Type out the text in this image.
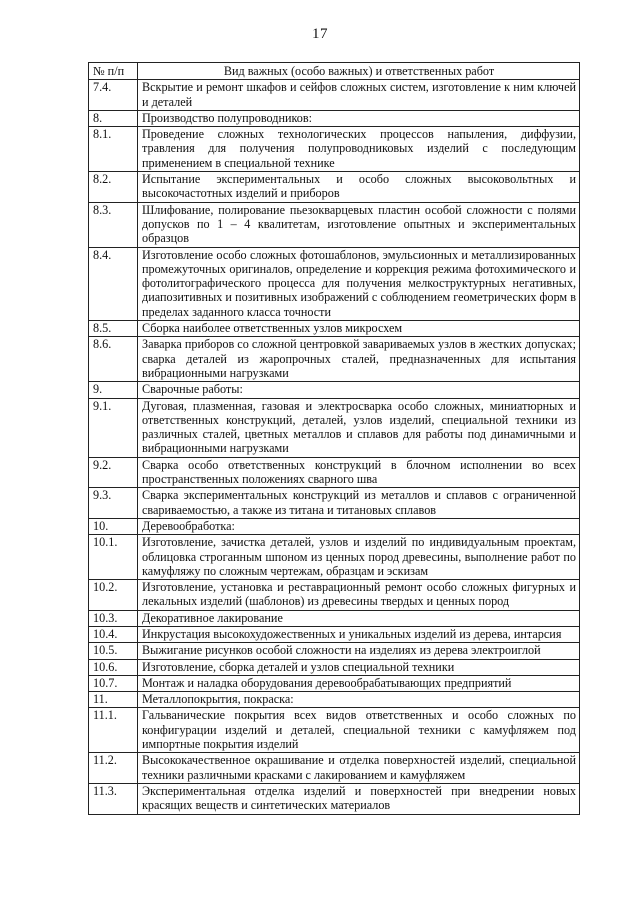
17
№ п/п	Вид важных (особо важных) и ответственных работ
7.4.	Вскрытие и ремонт шкафов и сейфов сложных систем, изготовление к ним ключей и деталей
8.	Производство полупроводников:
8.1.	Проведение сложных технологических процессов напыления, диффузии, травления для получения полупроводниковых изделий с последующим применением в специальной технике
8.2.	Испытание экспериментальных и особо сложных высоковольтных и высокочастотных изделий и приборов
8.3.	Шлифование, полирование пьезокварцевых пластин особой сложности с полями допусков по 1 – 4 квалитетам, изготовление опытных и экспериментальных образцов
8.4.	Изготовление особо сложных фотошаблонов, эмульсионных и металлизированных промежуточных оригиналов, определение и коррекция режима фотохимического и фотолитографического процесса для получения мелкоструктурных негативных, диапозитивных и позитивных изображений с соблюдением геометрических форм в пределах заданного класса точности
8.5.	Сборка наиболее ответственных узлов микросхем
8.6.	Заварка приборов со сложной центровкой завариваемых узлов в жестких допусках; сварка деталей из жаропрочных сталей, предназначенных для испытания вибрационными нагрузками
9.	Сварочные работы:
9.1.	Дуговая, плазменная, газовая и электросварка особо сложных, миниатюрных и ответственных конструкций, деталей, узлов изделий, специальной техники из различных сталей, цветных металлов и сплавов для работы под динамичными и вибрационными нагрузками
9.2.	Сварка особо ответственных конструкций в блочном исполнении во всех пространственных положениях сварного шва
9.3.	Сварка экспериментальных конструкций из металлов и сплавов с ограниченной свариваемостью, а также из титана и титановых сплавов
10.	Деревообработка:
10.1.	Изготовление, зачистка деталей, узлов и изделий по индивидуальным проектам, облицовка строганным шпоном из ценных пород древесины, выполнение работ по камуфляжу по сложным чертежам, образцам и эскизам
10.2.	Изготовление, установка и реставрационный ремонт особо сложных фигурных и лекальных изделий (шаблонов) из древесины твердых и ценных пород
10.3.	Декоративное лакирование
10.4.	Инкрустация высокохудожественных и уникальных изделий из дерева, интарсия
10.5.	Выжигание рисунков особой сложности на изделиях из дерева электроиглой
10.6.	Изготовление, сборка деталей и узлов специальной техники
10.7.	Монтаж и наладка оборудования деревообрабатывающих предприятий
11.	Металлопокрытия, покраска:
11.1.	Гальванические покрытия всех видов ответственных и особо сложных по конфигурации изделий и деталей, специальной техники с камуфляжем под импортные покрытия изделий
11.2.	Высококачественное окрашивание и отделка поверхностей изделий, специальной техники различными красками с лакированием и камуфляжем
11.3.	Экспериментальная отделка изделий и поверхностей при внедрении новых красящих веществ и синтетических материалов
